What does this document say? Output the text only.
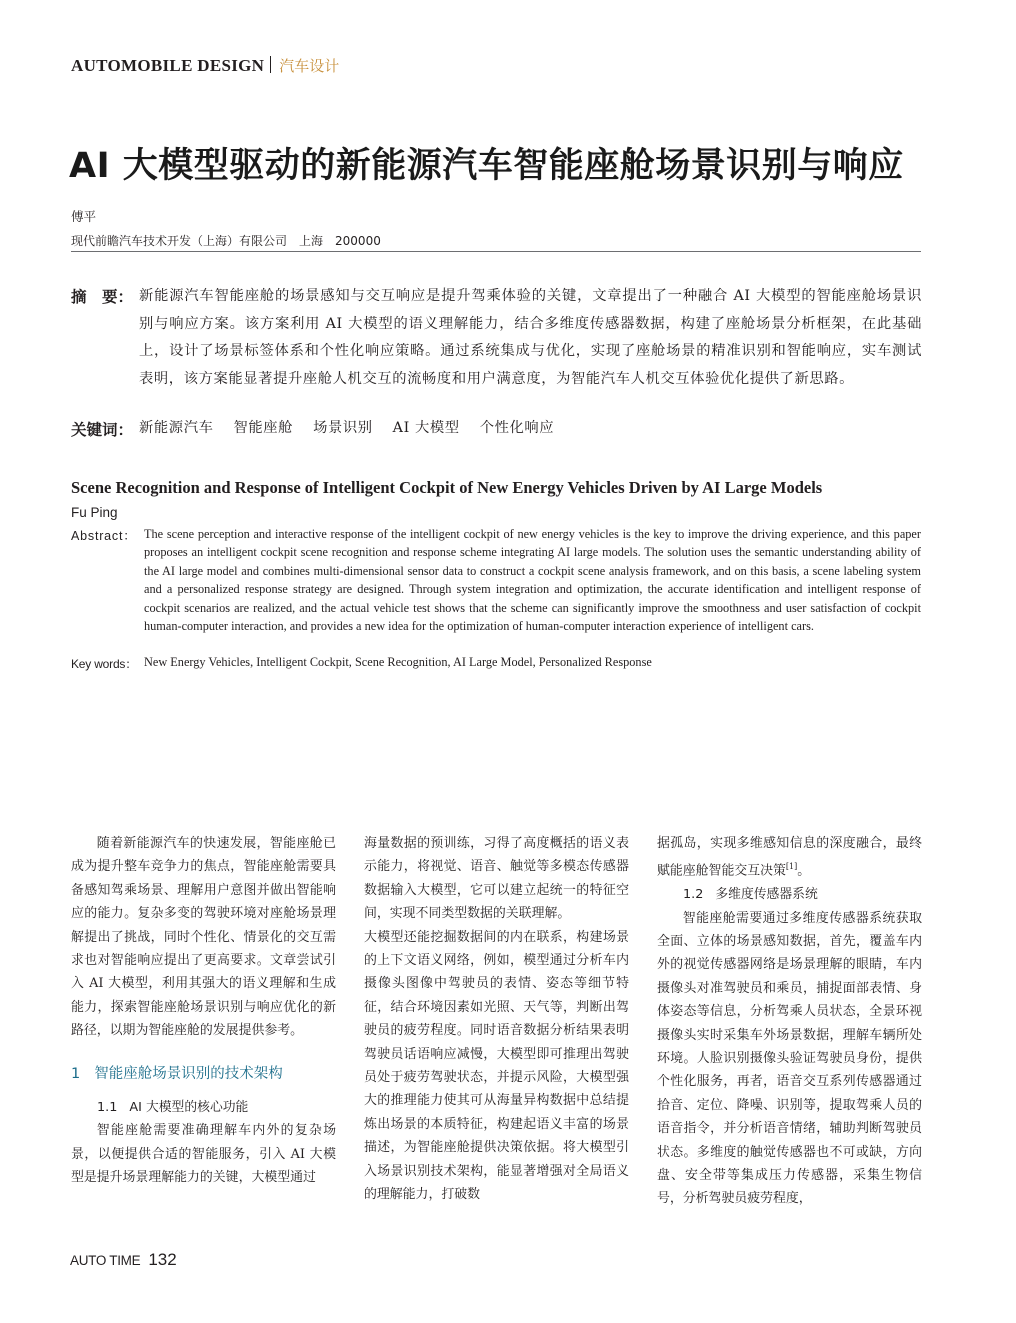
AUTOMOBILE DESIGN 汽车设计
AI 大模型驱动的新能源汽车智能座舱场景识别与响应
傅平
现代前瞻汽车技术开发（上海）有限公司 上海 200000
摘　要： 新能源汽车智能座舱的场景感知与交互响应是提升驾乘体验的关键，文章提出了一种融合 AI 大模型的智能座舱场景识别与响应方案。该方案利用 AI 大模型的语义理解能力，结合多维度传感器数据，构建了座舱场景分析框架，在此基础上，设计了场景标签体系和个性化响应策略。通过系统集成与优化，实现了座舱场景的精准识别和智能响应，实车测试表明，该方案能显著提升座舱人机交互的流畅度和用户满意度，为智能汽车人机交互体验优化提供了新思路。
关键词： 新能源汽车 智能座舱 场景识别 AI 大模型 个性化响应
Scene Recognition and Response of Intelligent Cockpit of New Energy Vehicles Driven by AI Large Models
Fu Ping
Abstract： The scene perception and interactive response of the intelligent cockpit of new energy vehicles is the key to improve the driving experience, and this paper proposes an intelligent cockpit scene recognition and response scheme integrating AI large models. The solution uses the semantic understanding ability of the AI large model and combines multi-dimensional sensor data to construct a cockpit scene analysis framework, and on this basis, a scene labeling system and a personalized response strategy are designed. Through system integration and optimization, the accurate identification and intelligent response of cockpit scenarios are realized, and the actual vehicle test shows that the scheme can significantly improve the smoothness and user satisfaction of cockpit human-computer interaction, and provides a new idea for the optimization of human-computer interaction experience of intelligent cars.
Key words： New Energy Vehicles, Intelligent Cockpit, Scene Recognition, AI Large Model, Personalized Response

随着新能源汽车的快速发展，智能座舱已成为提升整车竞争力的焦点，智能座舱需要具备感知驾乘场景、理解用户意图并做出智能响应的能力。复杂多变的驾驶环境对座舱场景理解提出了挑战，同时个性化、情景化的交互需求也对智能响应提出了更高要求。文章尝试引入 AI 大模型，利用其强大的语义理解和生成能力，探索智能座舱场景识别与响应优化的新路径，以期为智能座舱的发展提供参考。

1 智能座舱场景识别的技术架构
1.1 AI 大模型的核心功能

智能座舱需要准确理解车内外的复杂场景，以便提供合适的智能服务，引入 AI 大模型是提升场景理解能力的关键，大模型通过

海量数据的预训练，习得了高度概括的语义表示能力，将视觉、语音、触觉等多模态传感器数据输入大模型，它可以建立起统一的特征空间，实现不同类型数据的关联理解。

大模型还能挖掘数据间的内在联系，构建场景的上下文语义网络，例如，模型通过分析车内摄像头图像中驾驶员的表情、姿态等细节特征，结合环境因素如光照、天气等，判断出驾驶员的疲劳程度。同时语音数据分析结果表明驾驶员话语响应减慢，大模型即可推理出驾驶员处于疲劳驾驶状态，并提示风险，大模型强大的推理能力使其可从海量异构数据中总结提炼出场景的本质特征，构建起语义丰富的场景描述，为智能座舱提供决策依据。将大模型引入场景识别技术架构，能显著增强对全局语义的理解能力，打破数

据孤岛，实现多维感知信息的深度融合，最终赋能座舱智能交互决策[1]。

1.2 多维度传感器系统

智能座舱需要通过多维度传感器系统获取全面、立体的场景感知数据，首先，覆盖车内外的视觉传感器网络是场景理解的眼睛，车内摄像头对准驾驶员和乘员，捕捉面部表情、身体姿态等信息，分析驾乘人员状态，全景环视摄像头实时采集车外场景数据，理解车辆所处环境。人脸识别摄像头验证驾驶员身份，提供个性化服务，再者，语音交互系列传感器通过拾音、定位、降噪、识别等，提取驾乘人员的语音指令，并分析语音情绪，辅助判断驾驶员状态。多维度的触觉传感器也不可或缺，方向盘、安全带等集成压力传感器，采集生物信号，分析驾驶员疲劳程度，

AUTO TIME 132
